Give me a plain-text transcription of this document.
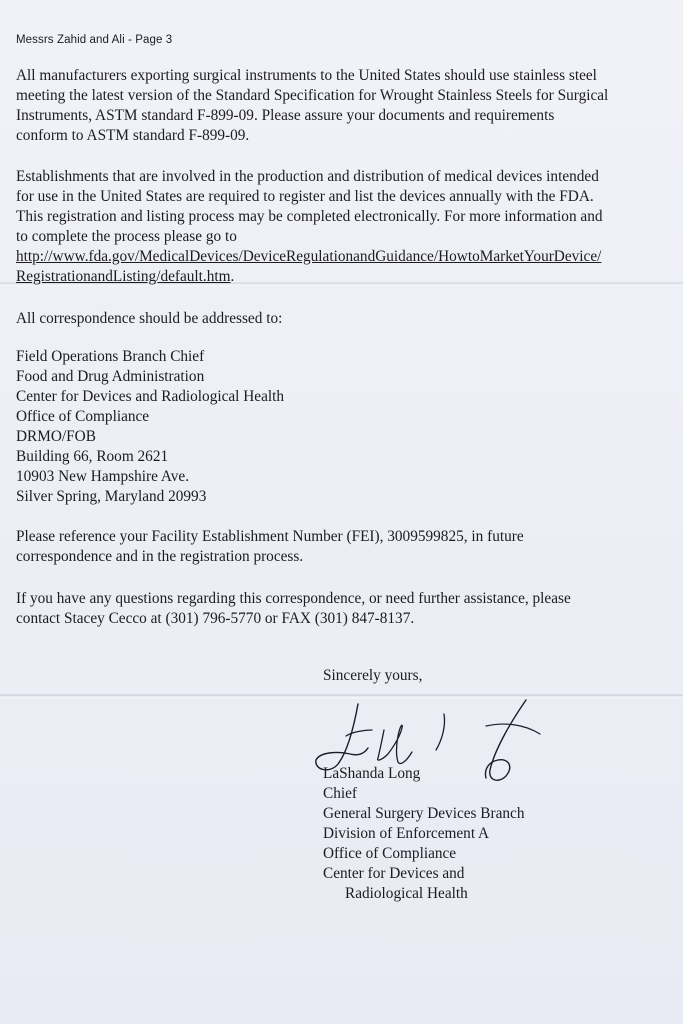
Messrs Zahid and Ali - Page 3

All manufacturers exporting surgical instruments to the United States should use stainless steel
meeting the latest version of the Standard Specification for Wrought Stainless Steels for Surgical
Instruments, ASTM standard F-899-09. Please assure your documents and requirements
conform to ASTM standard F-899-09.

Establishments that are involved in the production and distribution of medical devices intended
for use in the United States are required to register and list the devices annually with the FDA.
This registration and listing process may be completed electronically. For more information and
to complete the process please go to
http://www.fda.gov/MedicalDevices/DeviceRegulationandGuidance/HowtoMarketYourDevice/
RegistrationandListing/default.htm.

All correspondence should be addressed to:

Field Operations Branch Chief
Food and Drug Administration
Center for Devices and Radiological Health
Office of Compliance
DRMO/FOB
Building 66, Room 2621
10903 New Hampshire Ave.
Silver Spring, Maryland 20993

Please reference your Facility Establishment Number (FEI), 3009599825, in future
correspondence and in the registration process.

If you have any questions regarding this correspondence, or need further assistance, please
contact Stacey Cecco at (301) 796-5770 or FAX (301) 847-8137.

Sincerely yours,
LaShanda Long
Chief
General Surgery Devices Branch
Division of Enforcement A
Office of Compliance
Center for Devices and
Radiological Health
